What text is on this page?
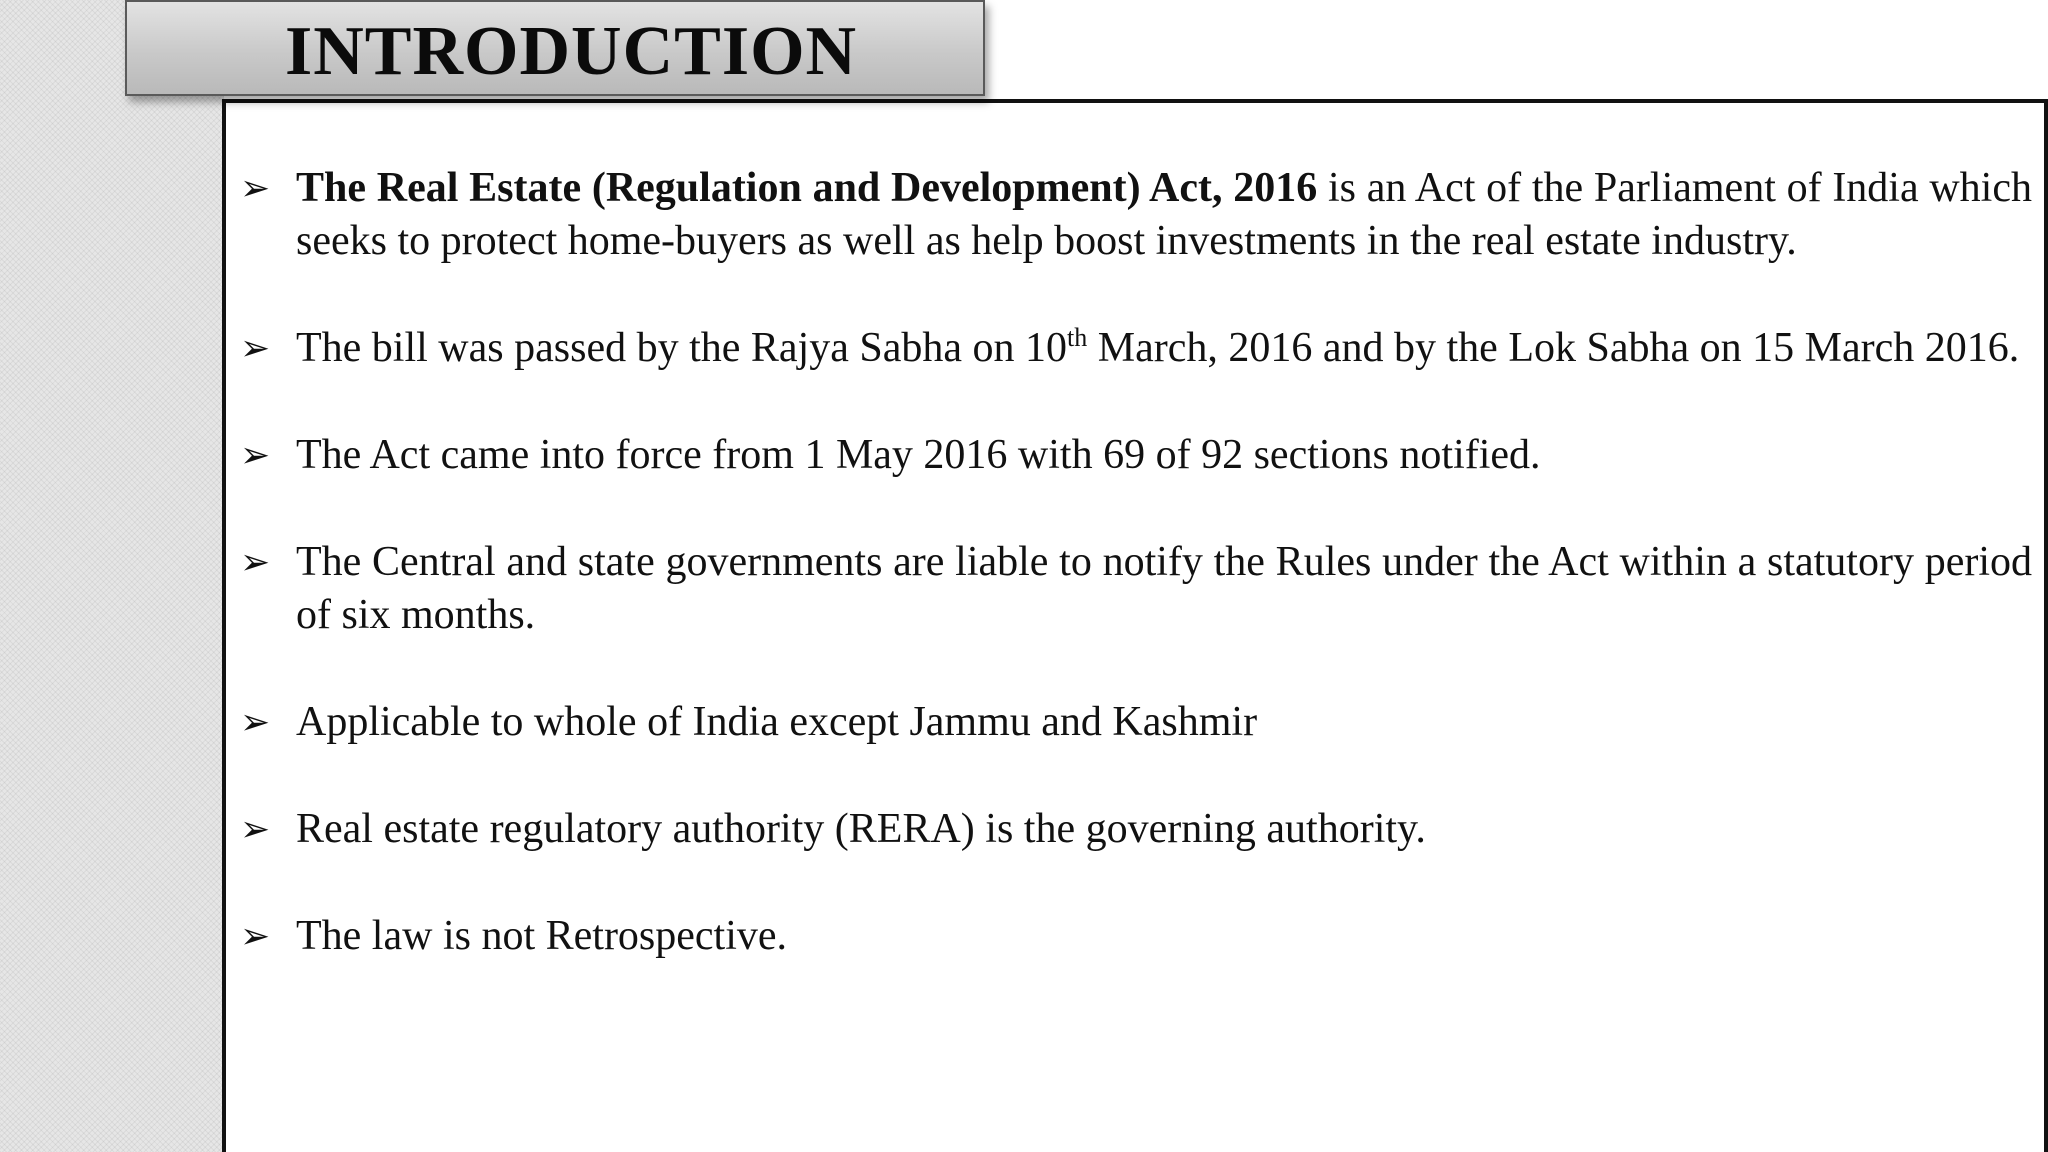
INTRODUCTION
➢ The Real Estate (Regulation and Development) Act, 2016 is an Act of the Parliament of India which seeks to protect home-buyers as well as help boost investments in the real estate industry.
➢ The bill was passed by the Rajya Sabha on 10th March, 2016 and by the Lok Sabha on 15 March 2016.
➢ The Act came into force from 1 May 2016 with 69 of 92 sections notified.
➢ The Central and state governments are liable to notify the Rules under the Act within a statutory period of six months.
➢ Applicable to whole of India except Jammu and Kashmir
➢ Real estate regulatory authority (RERA) is the governing authority.
➢ The law is not Retrospective.
